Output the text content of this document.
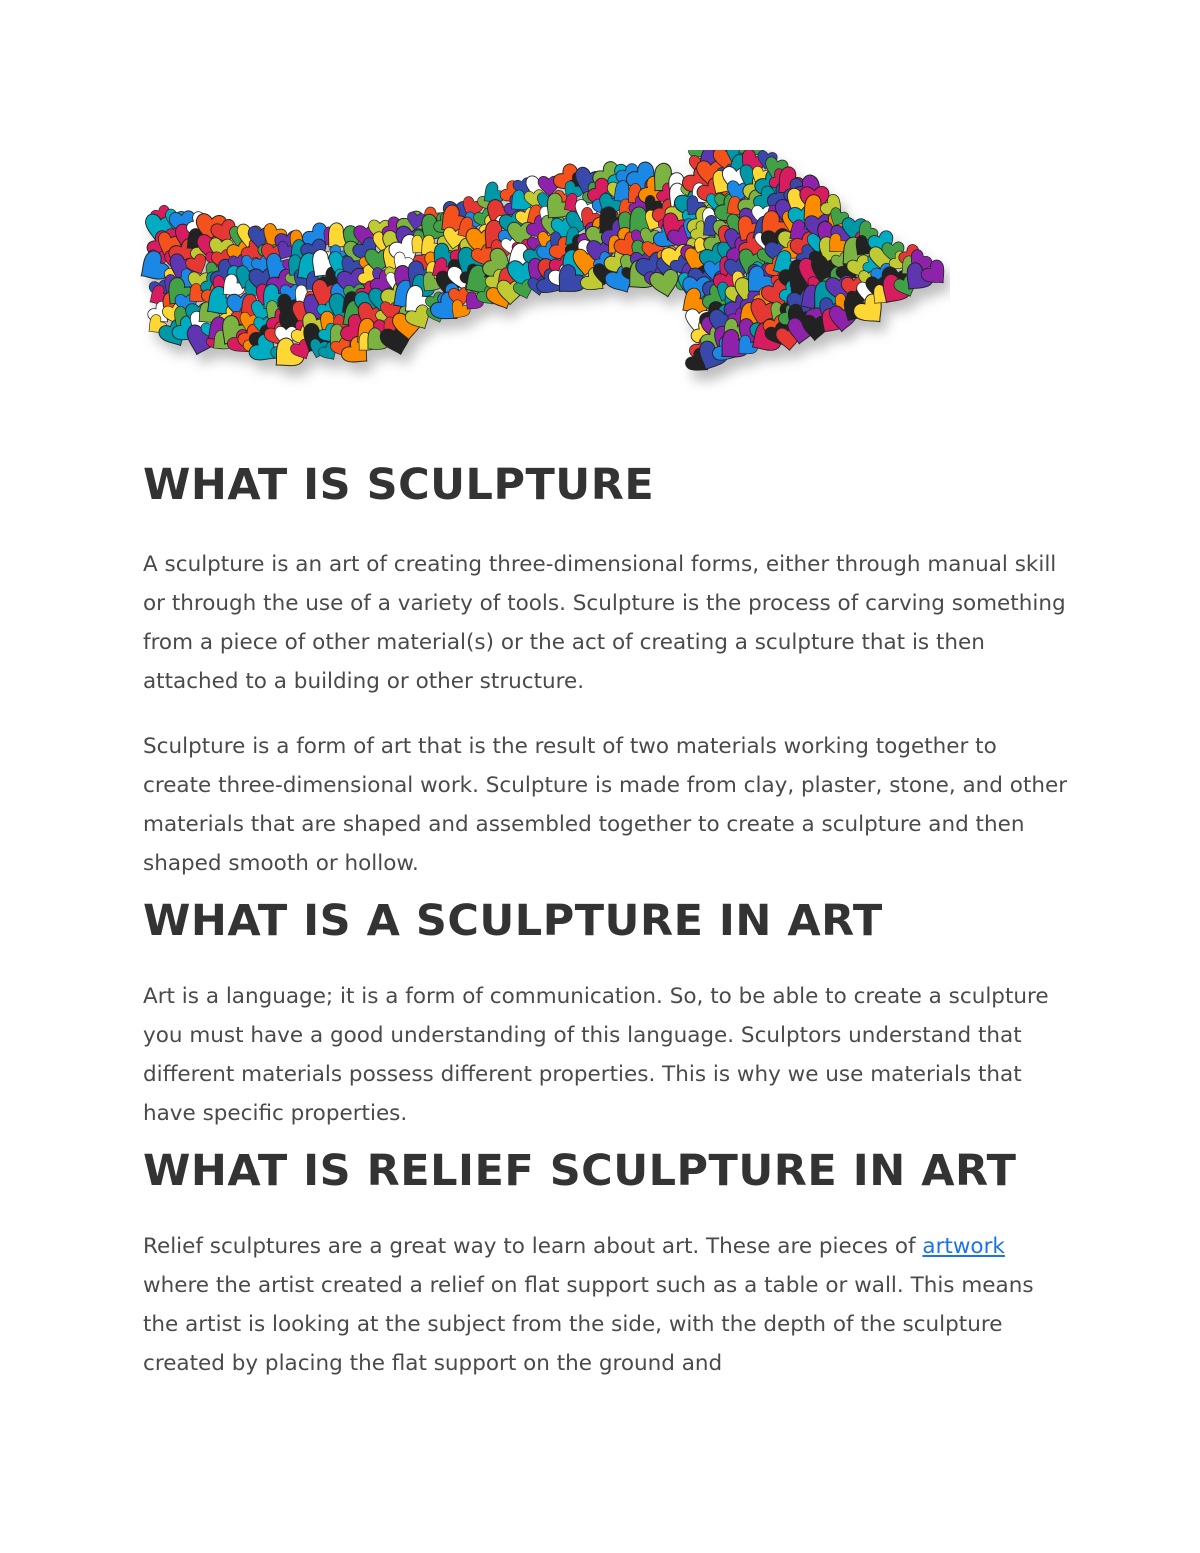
WHAT IS SCULPTURE

A sculpture is an art of creating three-dimensional forms, either through manual skill or through the use of a variety of tools. Sculpture is the process of carving something from a piece of other material(s) or the act of creating a sculpture that is then attached to a building or other structure.

Sculpture is a form of art that is the result of two materials working together to create three-dimensional work. Sculpture is made from clay, plaster, stone, and other materials that are shaped and assembled together to create a sculpture and then shaped smooth or hollow.

WHAT IS A SCULPTURE IN ART

Art is a language; it is a form of communication. So, to be able to create a sculpture you must have a good understanding of this language. Sculptors understand that different materials possess different properties. This is why we use materials that have specific properties.

WHAT IS RELIEF SCULPTURE IN ART

Relief sculptures are a great way to learn about art. These are pieces of artwork where the artist created a relief on flat support such as a table or wall. This means the artist is looking at the subject from the side, with the depth of the sculpture created by placing the flat support on the ground and
